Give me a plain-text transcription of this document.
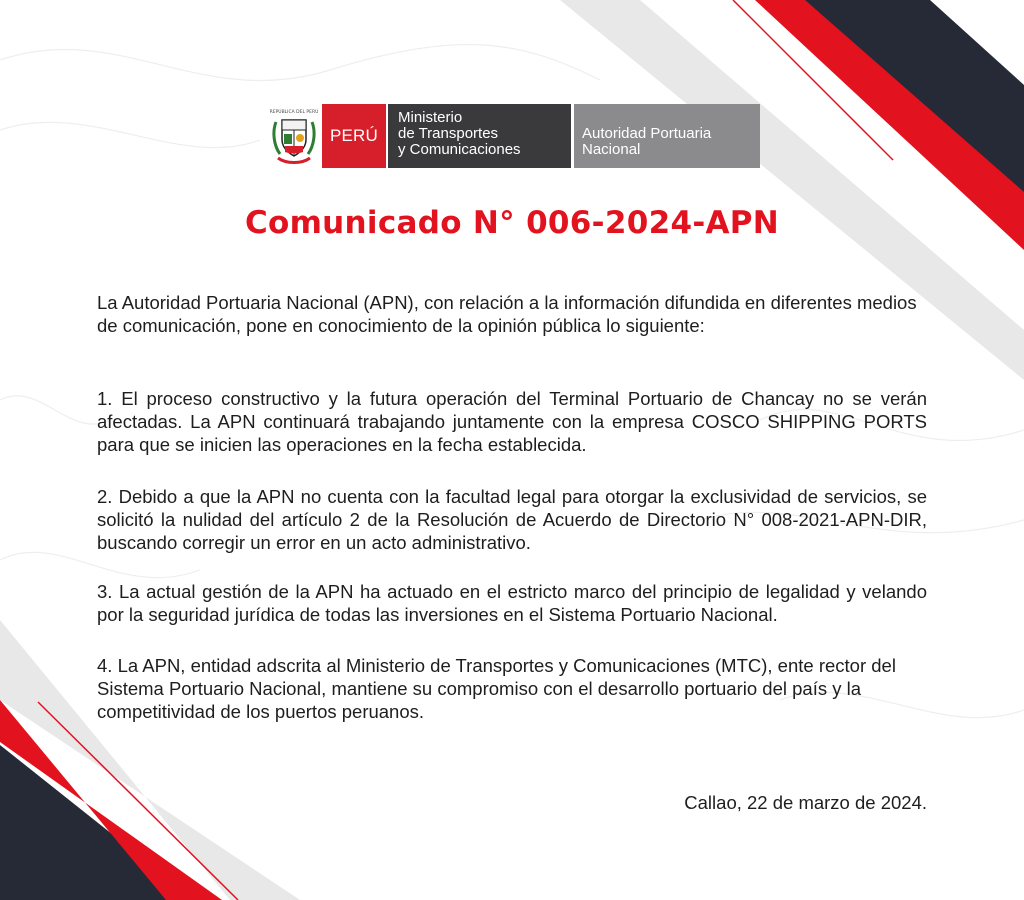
REPÚBLICA DEL PERÚ
PERÚ
Ministerio
de Transportes
y Comunicaciones
Autoridad Portuaria
Nacional
Comunicado N° 006-2024-APN

La Autoridad Portuaria Nacional (APN), con relación a la información difundida en diferentes medios de comunicación, pone en conocimiento de la opinión pública lo siguiente:

1. El proceso constructivo y la futura operación del Terminal Portuario de Chancay no se verán afectadas. La APN continuará trabajando juntamente con la empresa COSCO SHIPPING PORTS para que se inicien las operaciones en la fecha establecida.

2. Debido a que la APN no cuenta con la facultad legal para otorgar la exclusividad de servicios, se solicitó la nulidad del artículo 2 de la Resolución de Acuerdo de Directorio N° 008-2021-APN-DIR, buscando corregir un error en un acto administrativo.

3. La actual gestión de la APN ha actuado en el estricto marco del principio de legalidad y velando por la seguridad jurídica de todas las inversiones en el Sistema Portuario Nacional.

4. La APN, entidad adscrita al Ministerio de Transportes y Comunicaciones (MTC), ente rector del Sistema Portuario Nacional, mantiene su compromiso con el desarrollo portuario del país y la competitividad de los puertos peruanos.

Callao, 22 de marzo de 2024.
